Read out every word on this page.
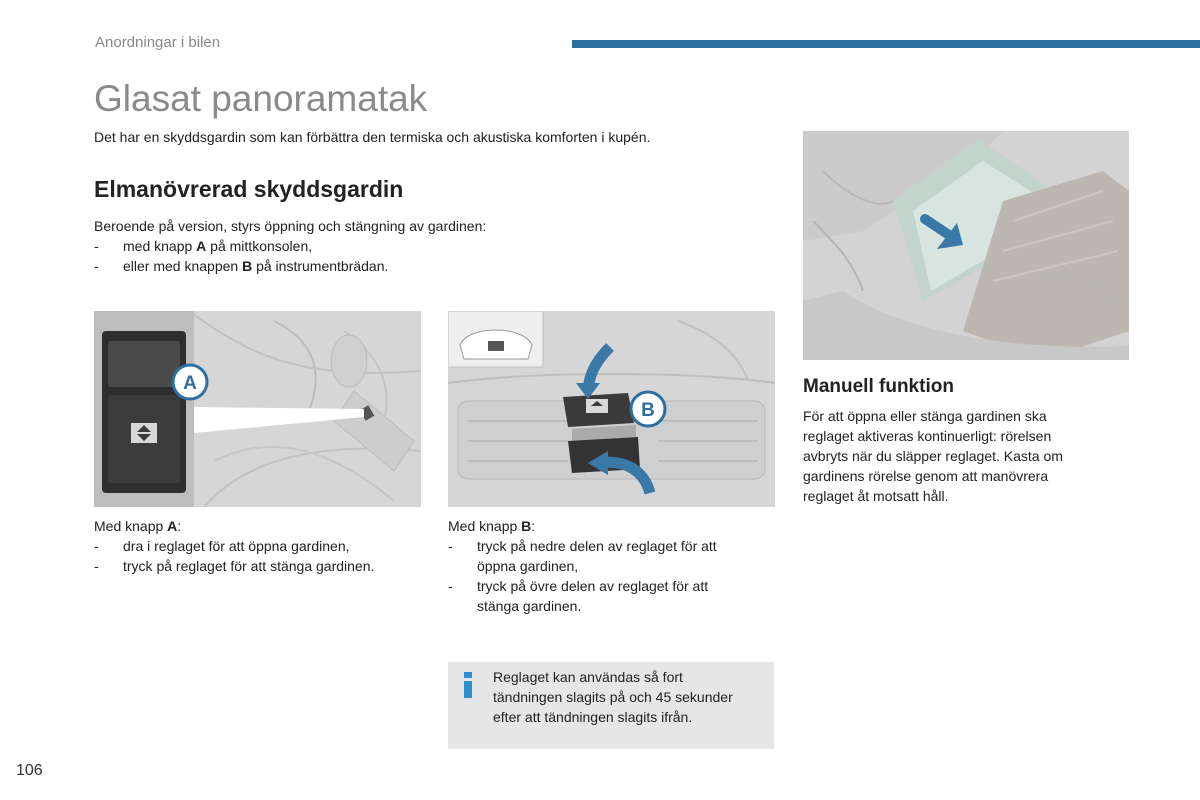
Anordningar i bilen
Glasat panoramatak
Det har en skyddsgardin som kan förbättra den termiska och akustiska komforten i kupén.
Elmanövrerad skyddsgardin
Beroende på version, styrs öppning och stängning av gardinen:
- med knapp A på mittkonsolen,
- eller med knappen B på instrumentbrädan.
A
B
Med knapp A:
- dra i reglaget för att öppna gardinen,
- tryck på reglaget för att stänga gardinen.
Med knapp B:
- tryck på nedre delen av reglaget för att
öppna gardinen,
- tryck på övre delen av reglaget för att
stänga gardinen.
Manuell funktion
För att öppna eller stänga gardinen ska
reglaget aktiveras kontinuerligt: rörelsen
avbryts när du släpper reglaget. Kasta om
gardinens rörelse genom att manövrera
reglaget åt motsatt håll.
Reglaget kan användas så fort
tändningen slagits på och 45 sekunder
efter att tändningen slagits ifrån.
106
